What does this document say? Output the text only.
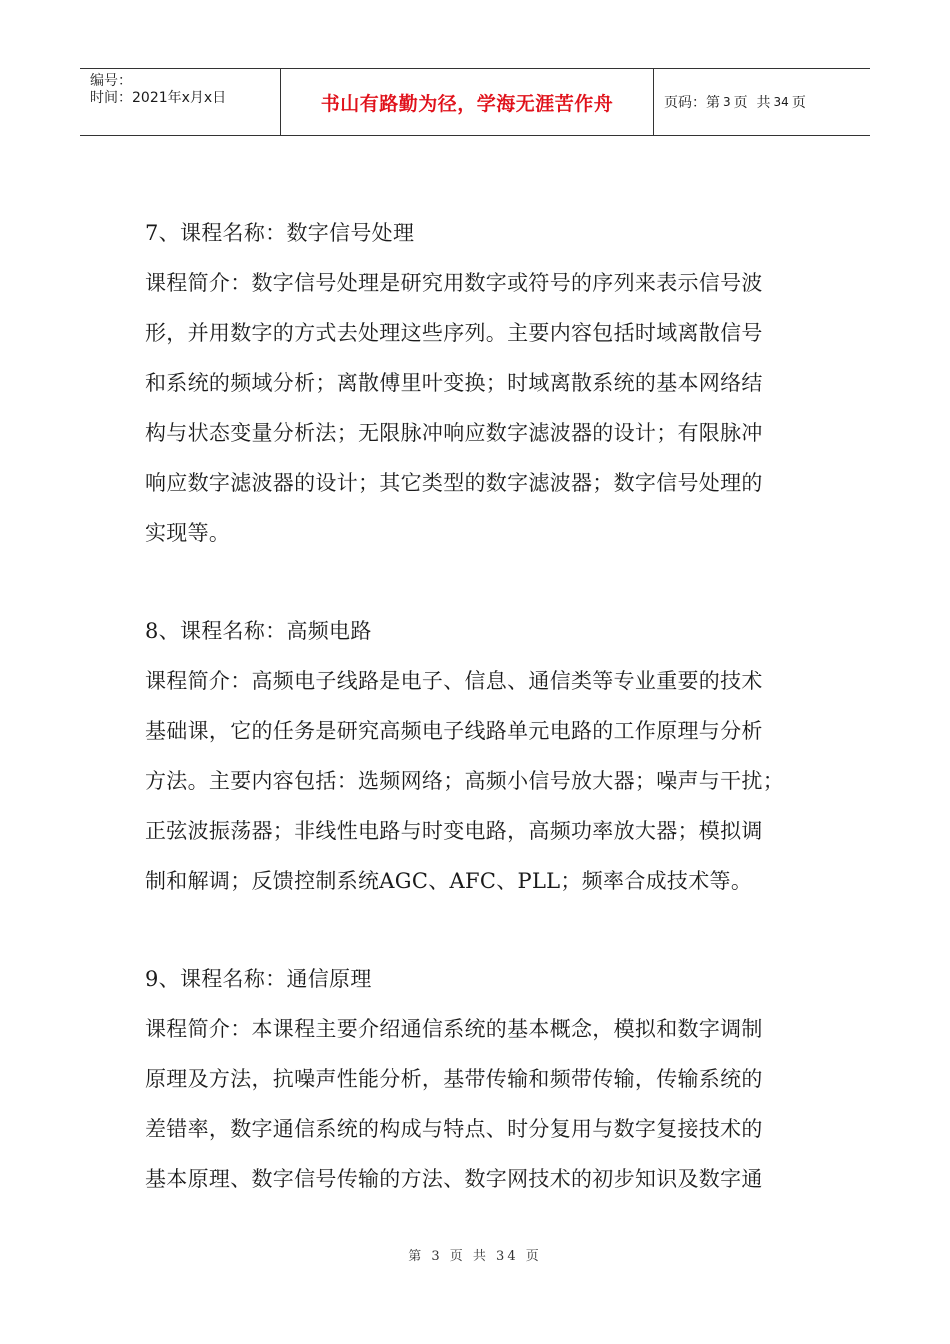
编号：
时间：2021年x月x日	书山有路勤为径，学海无涯苦作舟	页码：第 3 页  共 34 页

7、课程名称：数字信号处理

课程简介：数字信号处理是研究用数字或符号的序列来表示信号波

形，并用数字的方式去处理这些序列。主要内容包括时域离散信号

和系统的频域分析；离散傅里叶变换；时域离散系统的基本网络结

构与状态变量分析法；无限脉冲响应数字滤波器的设计；有限脉冲

响应数字滤波器的设计；其它类型的数字滤波器；数字信号处理的

实现等。

8、课程名称：高频电路

课程简介：高频电子线路是电子、信息、通信类等专业重要的技术

基础课，它的任务是研究高频电子线路单元电路的工作原理与分析

方法。主要内容包括：选频网络；高频小信号放大器；噪声与干扰；

正弦波振荡器；非线性电路与时变电路，高频功率放大器；模拟调

制和解调；反馈控制系统AGC、AFC、PLL；频率合成技术等。

9、课程名称：通信原理

课程简介：本课程主要介绍通信系统的基本概念，模拟和数字调制

原理及方法，抗噪声性能分析，基带传输和频带传输，传输系统的

差错率，数字通信系统的构成与特点、时分复用与数字复接技术的

基本原理、数字信号传输的方法、数字网技术的初步知识及数字通

第 3 页 共 34 页
